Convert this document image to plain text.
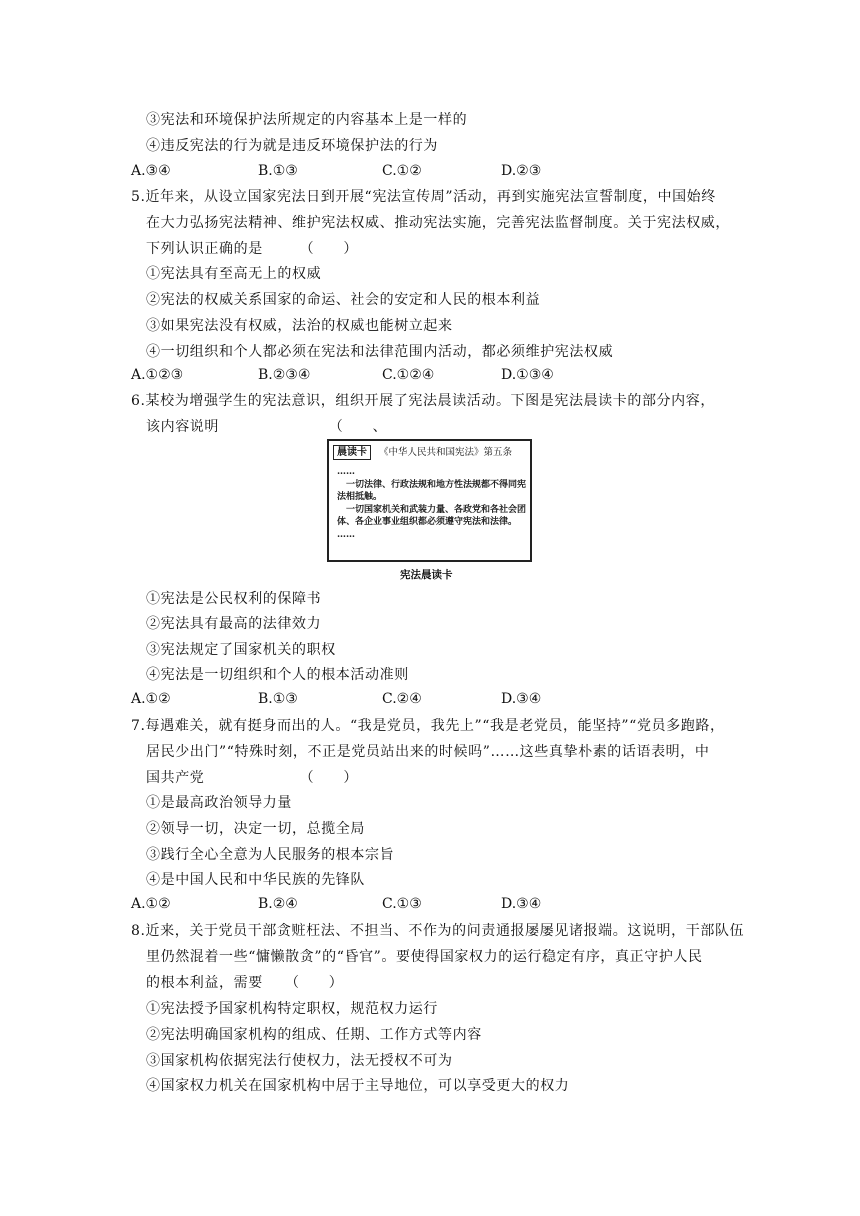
③宪法和环境保护法所规定的内容基本上是一样的
④违反宪法的行为就是违反环境保护法的行为
A.③④	B.①③	C.①②	D.②③
5.近年来，从设立国家宪法日到开展“宪法宣传周”活动，再到实施宪法宣誓制度，中国始终
在大力弘扬宪法精神、维护宪法权威、推动宪法实施，完善宪法监督制度。关于宪法权威，
下列认识正确的是　　　（　　）
①宪法具有至高无上的权威
②宪法的权威关系国家的命运、社会的安定和人民的根本利益
③如果宪法没有权威，法治的权威也能树立起来
④一切组织和个人都必须在宪法和法律范围内活动，都必须维护宪法权威
A.①②③	B.②③④	C.①②④	D.①③④
6.某校为增强学生的宪法意识，组织开展了宪法晨读活动。下图是宪法晨读卡的部分内容，
该内容说明　　　　　　　　（　　、
晨读卡	《中华人民共和国宪法》第五条
……
　一切法律、行政法规和地方性法规都不得同宪法相抵触。
　一切国家机关和武装力量、各政党和各社会团体、各企业事业组织都必须遵守宪法和法律。
……
宪法晨读卡
①宪法是公民权利的保障书
②宪法具有最高的法律效力
③宪法规定了国家机关的职权
④宪法是一切组织和个人的根本活动准则
A.①②	B.①③	C.②④	D.③④
7.每遇难关，就有挺身而出的人。“我是党员，我先上”“我是老党员，能坚持”“党员多跑路，
居民少出门”“特殊时刻，不正是党员站出来的时候吗”……这些真挚朴素的话语表明，中
国共产党　　　　　　　（　　）
①是最高政治领导力量
②领导一切，决定一切，总揽全局
③践行全心全意为人民服务的根本宗旨
④是中国人民和中华民族的先锋队
A.①②	B.②④	C.①③	D.③④
8.近来，关于党员干部贪赃枉法、不担当、不作为的问责通报屡屡见诸报端。这说明，干部队伍
里仍然混着一些“慵懒散贪”的“昏官”。要使得国家权力的运行稳定有序，真正守护人民
的根本利益，需要　　（　　）
①宪法授予国家机构特定职权，规范权力运行
②宪法明确国家机构的组成、任期、工作方式等内容
③国家机构依据宪法行使权力，法无授权不可为
④国家权力机关在国家机构中居于主导地位，可以享受更大的权力
